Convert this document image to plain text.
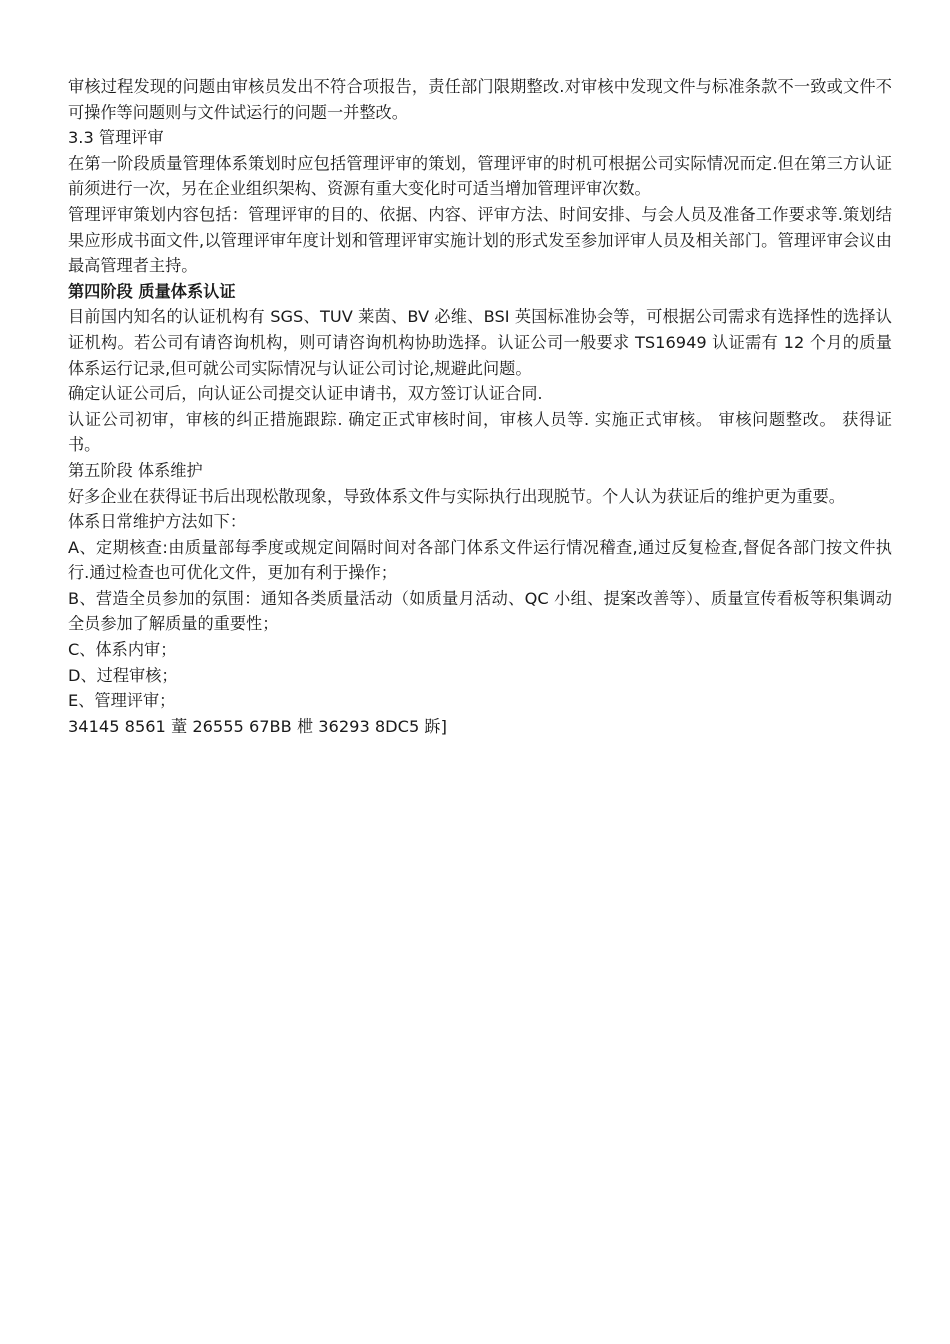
审核过程发现的问题由审核员发出不符合项报告，责任部门限期整改.对审核中发现文件与标准条款不一致或文件不可操作等问题则与文件试运行的问题一并整改。

3.3 管理评审

在第一阶段质量管理体系策划时应包括管理评审的策划，管理评审的时机可根据公司实际情况而定.但在第三方认证前须进行一次，另在企业组织架构、资源有重大变化时可适当增加管理评审次数。

管理评审策划内容包括：管理评审的目的、依据、内容、评审方法、时间安排、与会人员及准备工作要求等.策划结果应形成书面文件,以管理评审年度计划和管理评审实施计划的形式发至参加评审人员及相关部门。管理评审会议由最高管理者主持。

第四阶段 质量体系认证

目前国内知名的认证机构有 SGS、TUV 莱茵、BV 必维、BSI 英国标准协会等，可根据公司需求有选择性的选择认证机构。若公司有请咨询机构，则可请咨询机构协助选择。认证公司一般要求 TS16949 认证需有 12 个月的质量体系运行记录,但可就公司实际情况与认证公司讨论,规避此问题。

确定认证公司后，向认证公司提交认证申请书，双方签订认证合同.

认证公司初审，审核的纠正措施跟踪. 确定正式审核时间，审核人员等. 实施正式审核。 审核问题整改。 获得证书。

第五阶段 体系维护

好多企业在获得证书后出现松散现象，导致体系文件与实际执行出现脱节。个人认为获证后的维护更为重要。

体系日常维护方法如下：

A、定期核查:由质量部每季度或规定间隔时间对各部门体系文件运行情况稽查,通过反复检查,督促各部门按文件执行.通过检查也可优化文件，更加有利于操作；

B、营造全员参加的氛围：通知各类质量活动（如质量月活动、QC 小组、提案改善等）、质量宣传看板等积集调动全员参加了解质量的重要性；

C、体系内审；

D、过程审核；

E、管理评审；

34145 8561 蕫 26555 67BB 枻 36293 8DC5 跅]
